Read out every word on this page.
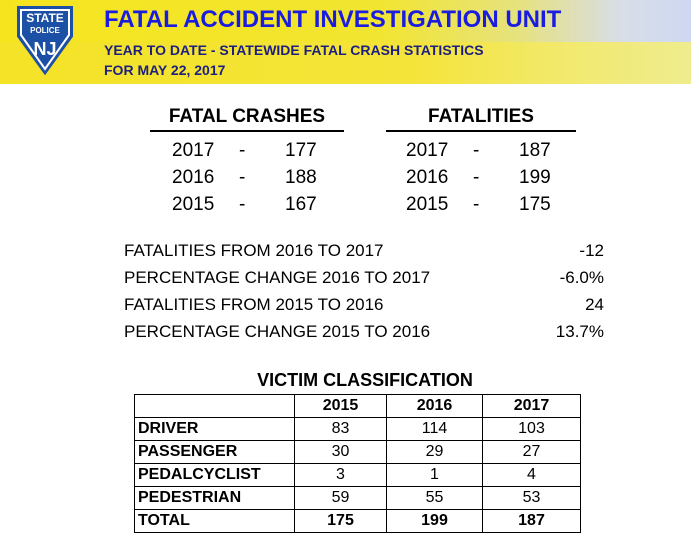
STATE
POLICE
NJ
FATAL ACCIDENT INVESTIGATION UNIT
YEAR TO DATE - STATEWIDE FATAL CRASH STATISTICS
FOR MAY 22, 2017
FATAL CRASHES
2017 - 177
2016 - 188
2015 - 167
FATALITIES
2017 - 187
2016 - 199
2015 - 175
FATALITIES FROM 2016 TO 2017	-12
PERCENTAGE CHANGE 2016 TO 2017	-6.0%
FATALITIES FROM 2015 TO 2016	24
PERCENTAGE CHANGE 2015 TO 2016	13.7%
VICTIM CLASSIFICATION
	2015	2016	2017
DRIVER	83	114	103
PASSENGER	30	29	27
PEDALCYCLIST	3	1	4
PEDESTRIAN	59	55	53
TOTAL	175	199	187
